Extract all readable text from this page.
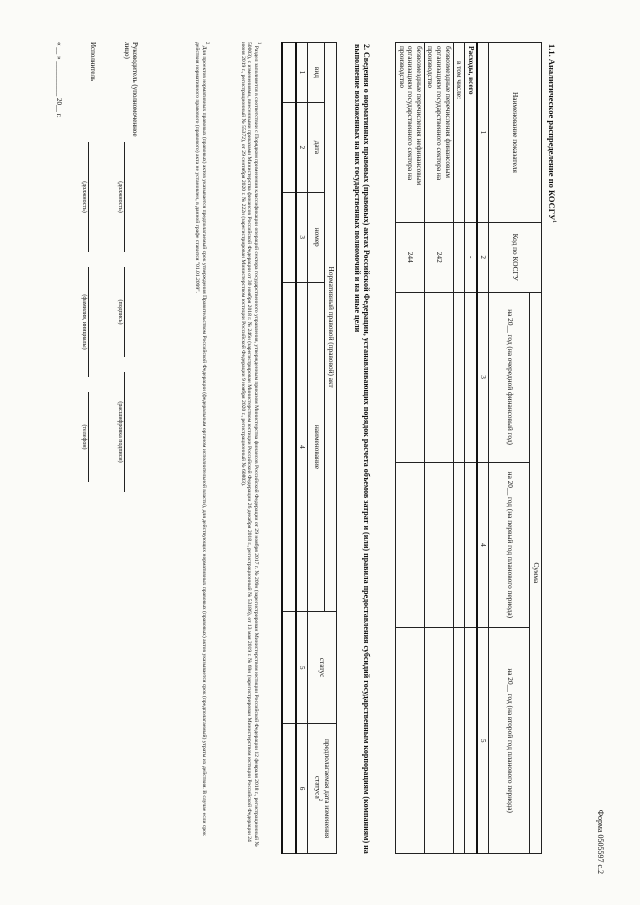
Форма 0505597 с.2
1.1. Аналитическое распределение по КОСГУ$^1$
Наименование показателя	Код по КОСГУ	Сумма		
		на 20__ год (на очередной финансовый год)	на 20__ год (на первый год планового периода)	на 20__ год (на второй год планового периода)
1	2	3	4	5
Расходы, всего	-			
в том числе:				
безвозмездные перечисления финансовым организациям государственного сектора на производство	242			
безвозмездные перечисления нефинансовым организациям государственного сектора на производство	244			
2. Сведения о нормативных правовых (правовых) актах Российской Федерации, устанавливающих порядок расчета объемов затрат и (или) правила предоставления субсидий государственным корпорациям (компаниям) на выполнение возложенных на них государственных полномочий и на иные цели
Нормативный правовой (правовой) акт				статус	предполагаемая дата изменения статуса$^2$
вид	дата	номер	наименование		
1	2	3	4	5	6

$^1$ Раздел заполняется в соответствии с Порядком применения классификации операций сектора государственного управления, утвержденным приказом Министерства финансов Российской Федерации от 29 ноября 2017 г. № 209н (зарегистрирован Министерством юстиции Российской Федерации 12 февраля 2018 г., регистрационный № 50003), с изменениями, внесенными приказами Министерства финансов Российской Федерации от 30 ноября 2018 г. № 246н (зарегистрирован Министерством юстиции Российской Федерации 26 декабря 2018 г., регистрационный № 53186), от 13 мая 2019 г. № 69н (зарегистрирован Министерством юстиции Российской Федерации 24 июня 2019 г., регистрационный № 55372), от 29 сентября 2020 г. № 222н (зарегистрирован Министерством юстиции Российской Федерации 9 ноября 2020 г., регистрационный № 60803).
$^2$ Для проектов нормативных правовых (правовых) актов указывается предполагаемый срок утверждения Правительством Российской Федерации (федеральным органом исполнительной власти), для действующих нормативных правовых (правовых) актов указывается срок (предполагаемый) утраты их действия. В случае если срок действия нормативного правового (правового) акта не установлен, в данной графе ставится "01.01.2099".
Руководитель (уполномоченное лицо)
(должность)
(подпись)
(расшифровка подписи)
Исполнитель
(должность)
(фамилия, инициалы)
(телефон)
« __ » __________ 20__ г.
